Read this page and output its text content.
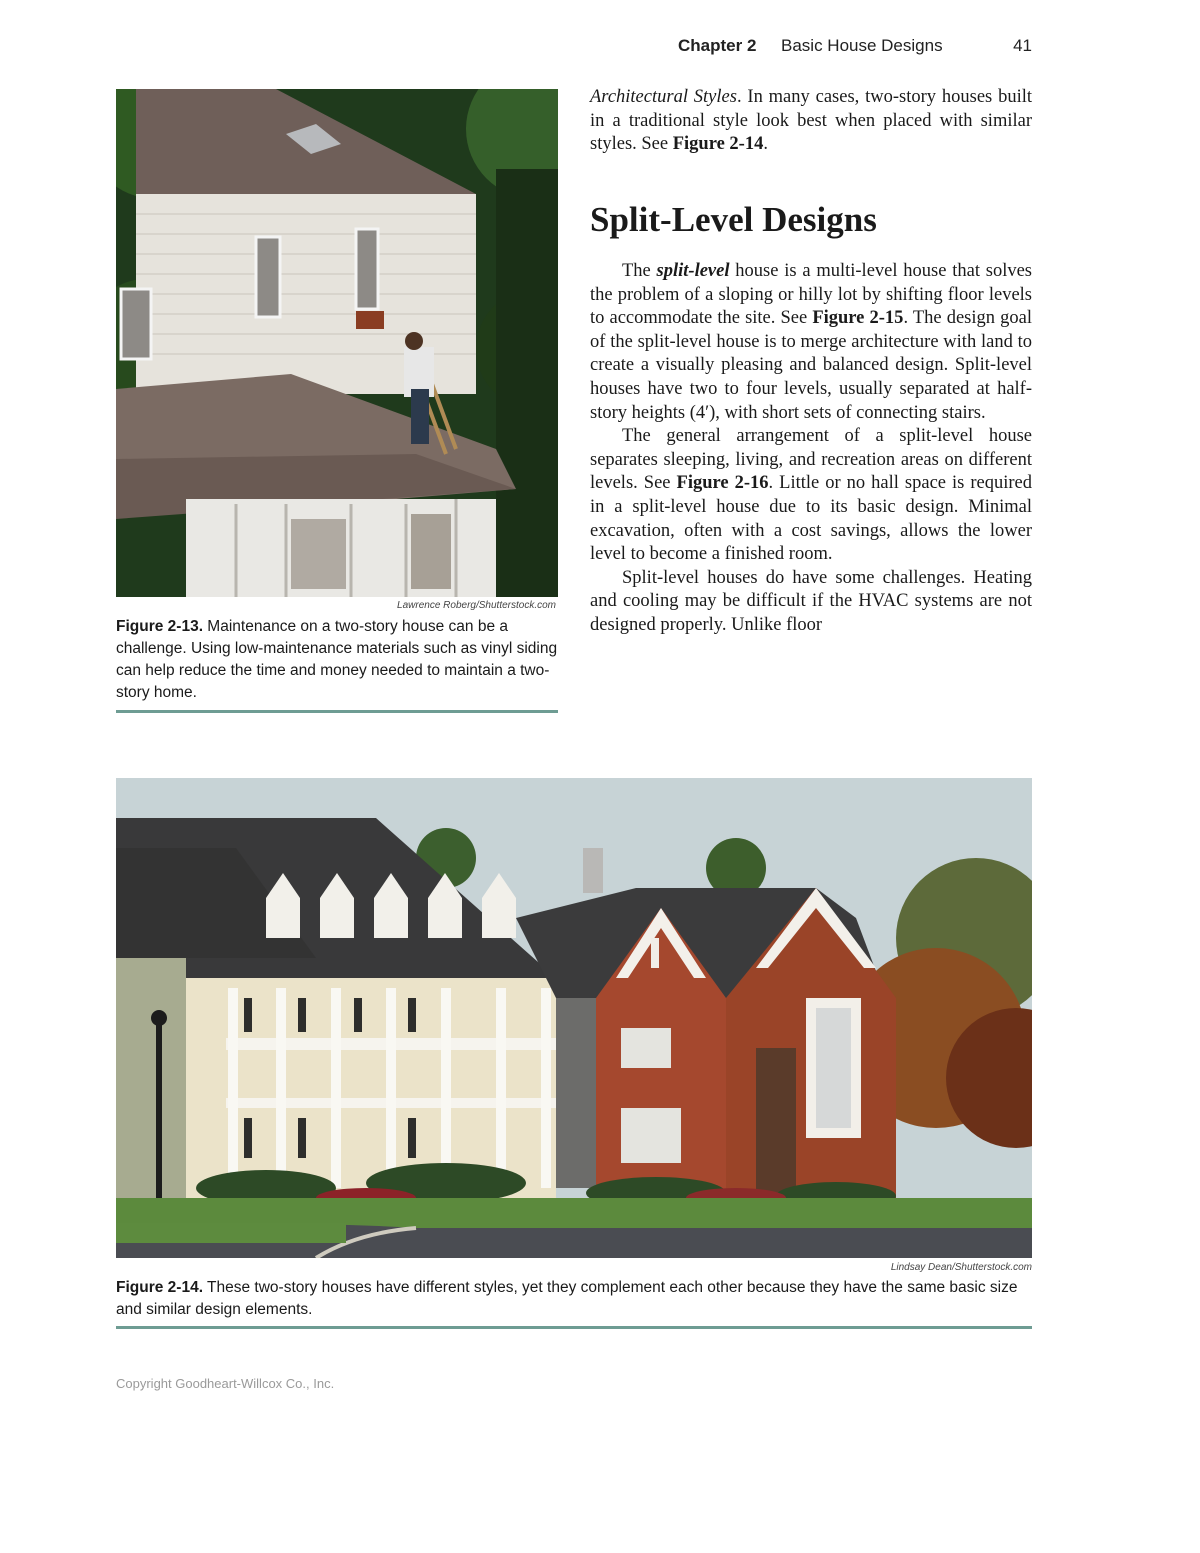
Chapter 2 Basic House Designs	41
Lawrence Roberg/Shutterstock.com
Figure 2-13. Maintenance on a two-story house can be a challenge. Using low-maintenance materials such as vinyl siding can help reduce the time and money needed to maintain a two-story home.

Architectural Styles. In many cases, two-story houses built in a traditional style look best when placed with similar styles. See Figure 2-14.

Split-Level Designs

The split-level house is a multi-level house that solves the problem of a sloping or hilly lot by shifting floor levels to accommodate the site. See Figure 2-15. The design goal of the split-level house is to merge architecture with land to create a visually pleasing and balanced design. Split-level houses have two to four levels, usually separated at half-story heights (4′), with short sets of connecting stairs.

The general arrangement of a split-level house separates sleeping, living, and recreation areas on different levels. See Figure 2-16. Little or no hall space is required in a split-level house due to its basic design. Minimal excavation, often with a cost savings, allows the lower level to become a finished room.

Split-level houses do have some challenges. Heating and cooling may be difficult if the HVAC systems are not designed properly. Unlike floor

Lindsay Dean/Shutterstock.com
Figure 2-14. These two-story houses have different styles, yet they complement each other because they have the same basic size and similar design elements.
Copyright Goodheart-Willcox Co., Inc.
